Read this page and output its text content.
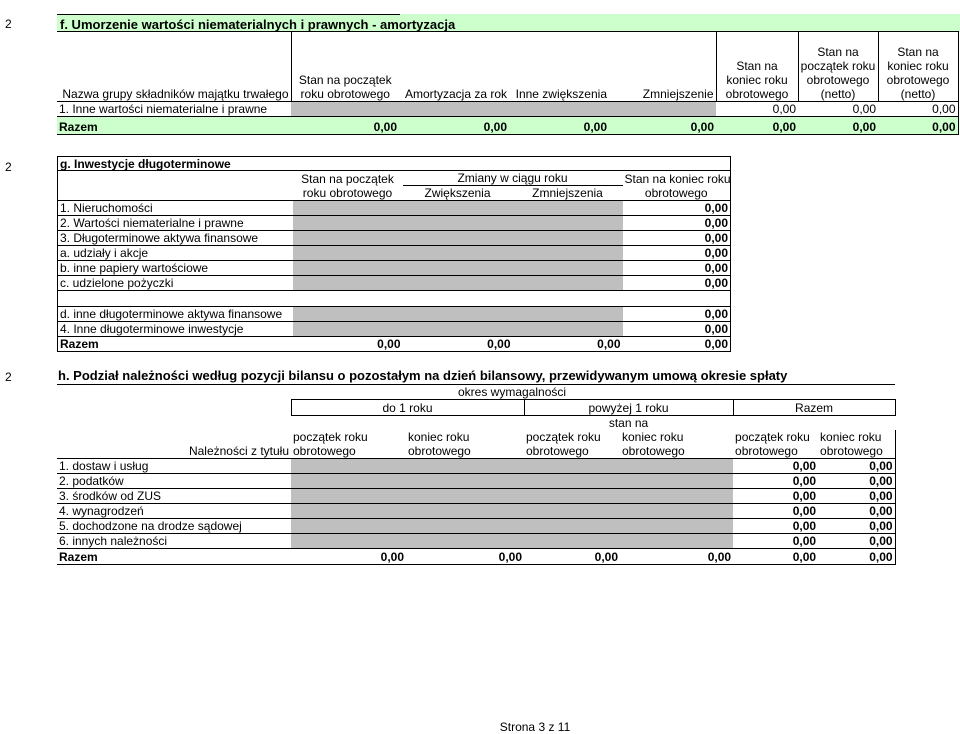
2	f. Umorzenie wartości niematerialnych i prawnych - amortyzacja
Nazwa grupy składników majątku trwałego	Stan na początek roku obrotowego	Amortyzacja za rok	Inne zwiększenia	Zmniejszenie	Stan na koniec roku obrotowego	Stan na początek roku obrotowego (netto)	Stan na koniec roku obrotowego (netto)
1. Inne wartości niematerialne i prawne					0,00	0,00	0,00
Razem	0,00	0,00	0,00	0,00	0,00	0,00	0,00
2	g. Inwestycje długoterminowe

	Stan na początek	Zmiany w ciągu roku		Stan na koniec roku
	roku obrotowego	Zwiększenia	Zmniejszenia	obrotowego
1. Nieruchomości				0,00
2. Wartości niematerialne i prawne				0,00
3. Długoterminowe aktywa finansowe				0,00
a. udziały i akcje				0,00
b. inne papiery wartościowe				0,00
c. udzielone pożyczki				0,00

d. inne długoterminowe aktywa finansowe				0,00
4. Inne długoterminowe inwestycje				0,00
Razem	0,00	0,00	0,00	0,00
2	h. Podział należności według pozycji bilansu o pozostałym na dzień bilansowy, przewidywanym umową okresie spłaty
	okres wymagalności					
	do 1 roku		powyżej 1 roku		Razem	
			stan na			
Należności z tytułu	początek roku obrotowego	koniec roku obrotowego	początek roku obrotowego	koniec roku obrotowego	początek roku obrotowego	koniec roku obrotowego
1. dostaw i usług					0,00	0,00
2. podatków					0,00	0,00
3. środków od ZUS					0,00	0,00
4. wynagrodzeń					0,00	0,00
5. dochodzone na drodze sądowej					0,00	0,00
6. innych należności					0,00	0,00
Razem	0,00	0,00	0,00	0,00	0,00	0,00
Strona 3 z 11
